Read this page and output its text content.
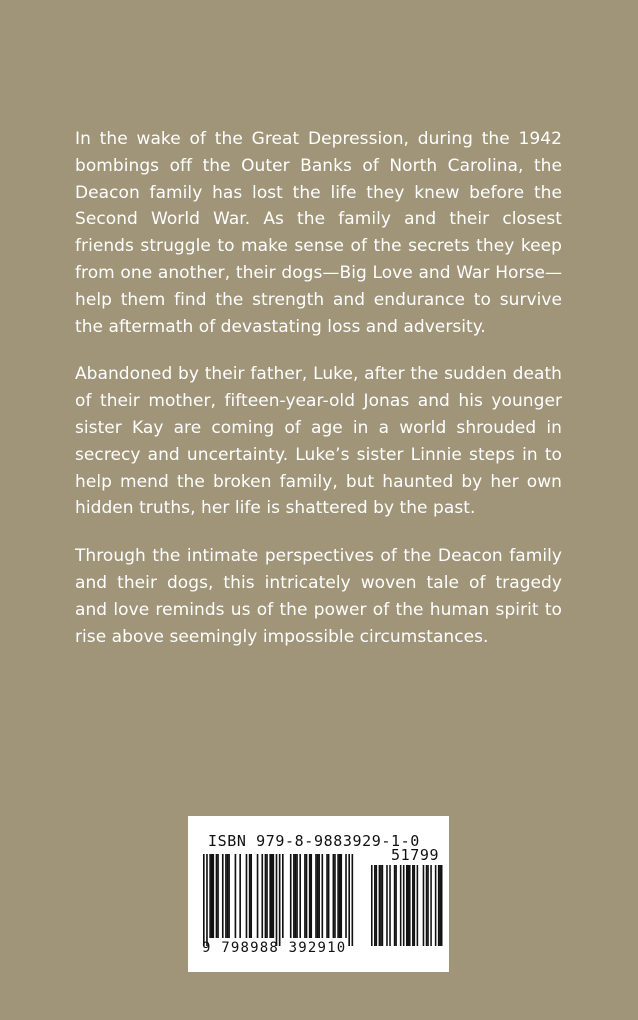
In the wake of the Great Depression, during the 1942 bombings off the Outer Banks of North Carolina, the Deacon family has lost the life they knew before the Second World War. As the family and their closest friends struggle to make sense of the secrets they keep from one another, their dogs—Big Love and War Horse—help them find the strength and endurance to survive the aftermath of devastating loss and adversity.

Abandoned by their father, Luke, after the sudden death of their mother, fifteen-year-old Jonas and his younger sister Kay are coming of age in a world shrouded in secrecy and uncertainty. Luke’s sister Linnie steps in to help mend the broken family, but haunted by her own hidden truths, her life is shattered by the past.

Through the intimate perspectives of the Deacon family and their dogs, this intricately woven tale of tragedy and love reminds us of the power of the human spirit to rise above seemingly impossible circumstances.

ISBN 979-8-9883929-1-0
51799
9 798988 392910
